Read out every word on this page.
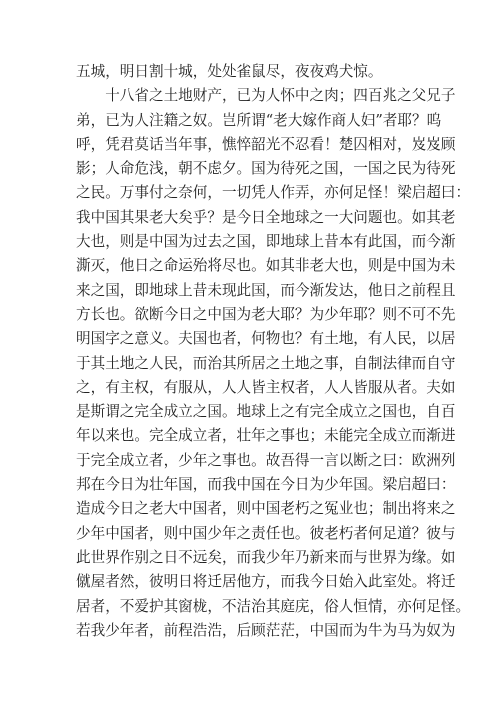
五城，明日割十城，处处雀鼠尽，夜夜鸡犬惊。
　　十八省之土地财产，已为人怀中之肉；四百兆之父兄子
弟，已为人注籍之奴。岂所谓“老大嫁作商人妇”者耶？呜
呼，凭君莫话当年事，憔悴韶光不忍看！楚囚相对，岌岌顾
影；人命危浅，朝不虑夕。国为待死之国，一国之民为待死
之民。万事付之奈何，一切凭人作弄，亦何足怪！梁启超曰：
我中国其果老大矣乎？是今日全地球之一大问题也。如其老
大也，则是中国为过去之国，即地球上昔本有此国，而今渐
澌灭，他日之命运殆将尽也。如其非老大也，则是中国为未
来之国，即地球上昔未现此国，而今渐发达，他日之前程且
方长也。欲断今日之中国为老大耶？为少年耶？则不可不先
明国字之意义。夫国也者，何物也？有土地，有人民，以居
于其土地之人民，而治其所居之土地之事，自制法律而自守
之，有主权，有服从，人人皆主权者，人人皆服从者。夫如
是斯谓之完全成立之国。地球上之有完全成立之国也，自百
年以来也。完全成立者，壮年之事也；未能完全成立而渐进
于完全成立者，少年之事也。故吾得一言以断之曰：欧洲列
邦在今日为壮年国，而我中国在今日为少年国。梁启超曰：
造成今日之老大中国者，则中国老朽之冤业也；制出将来之
少年中国者，则中国少年之责任也。彼老朽者何足道？彼与
此世界作别之日不远矣，而我少年乃新来而与世界为缘。如
僦屋者然，彼明日将迁居他方，而我今日始入此室处。将迁
居者，不爱护其窗栊，不洁治其庭庑，俗人恒情，亦何足怪。
若我少年者，前程浩浩，后顾茫茫，中国而为牛为马为奴为
